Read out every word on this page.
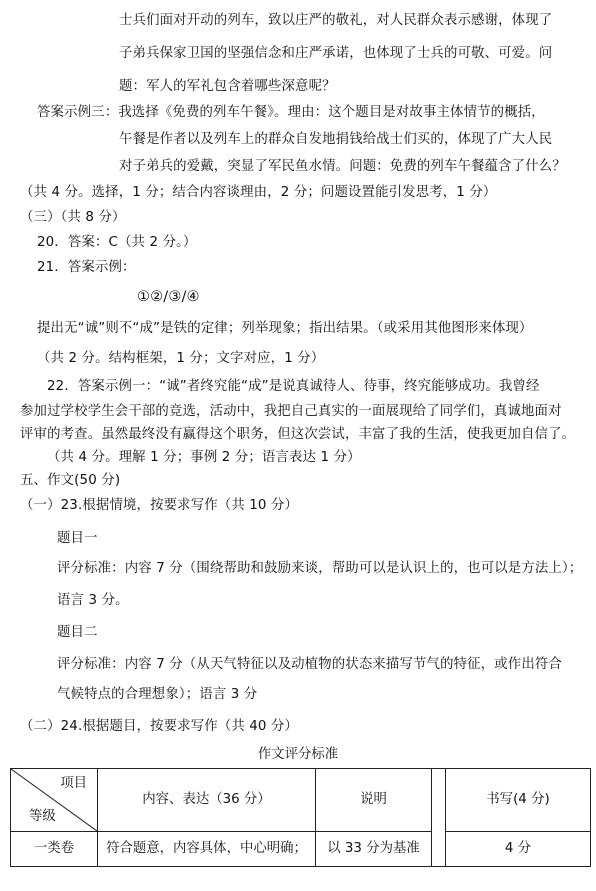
士兵们面对开动的列车，致以庄严的敬礼，对人民群众表示感谢，体现了
子弟兵保家卫国的坚强信念和庄严承诺，也体现了士兵的可敬、可爱。问
题：军人的军礼包含着哪些深意呢？
答案示例三：我选择《免费的列车午餐》。理由：这个题目是对故事主体情节的概括，
午餐是作者以及列车上的群众自发地捐钱给战士们买的，体现了广大人民
对子弟兵的爱戴，突显了军民鱼水情。问题：免费的列车午餐蕴含了什么？
（共 4 分。选择，1 分；结合内容谈理由，2 分；问题设置能引发思考，1 分）
（三）（共 8 分）
20．答案：C（共 2 分。）
21．答案示例：
①②/③/④
提出无“诚”则不“成”是铁的定律；列举现象；指出结果。（或采用其他图形来体现）
（共 2 分。结构框架，1 分；文字对应，1 分）
22．答案示例一：“诚”者终究能“成”是说真诚待人、待事，终究能够成功。我曾经
参加过学校学生会干部的竞选，活动中，我把自己真实的一面展现给了同学们，真诚地面对
评审的考查。虽然最终没有赢得这个职务，但这次尝试，丰富了我的生活，使我更加自信了。
（共 4 分。理解 1 分；事例 2 分；语言表达 1 分）
五、作文(50 分)
（一）23.根据情境，按要求写作（共 10 分）
题目一
评分标准：内容 7 分（围绕帮助和鼓励来谈，帮助可以是认识上的，也可以是方法上）；
语言 3 分。
题目二
评分标准：内容 7 分（从天气特征以及动植物的状态来描写节气的特征，或作出符合
气候特点的合理想象）；语言 3 分
（二）24.根据题目，按要求写作（共 40 分）
作文评分标准
项目
等级	内容、表达（36 分）	说明		书写(4 分)
一类卷	符合题意，内容具体，中心明确；	以 33 分为基准		4 分
